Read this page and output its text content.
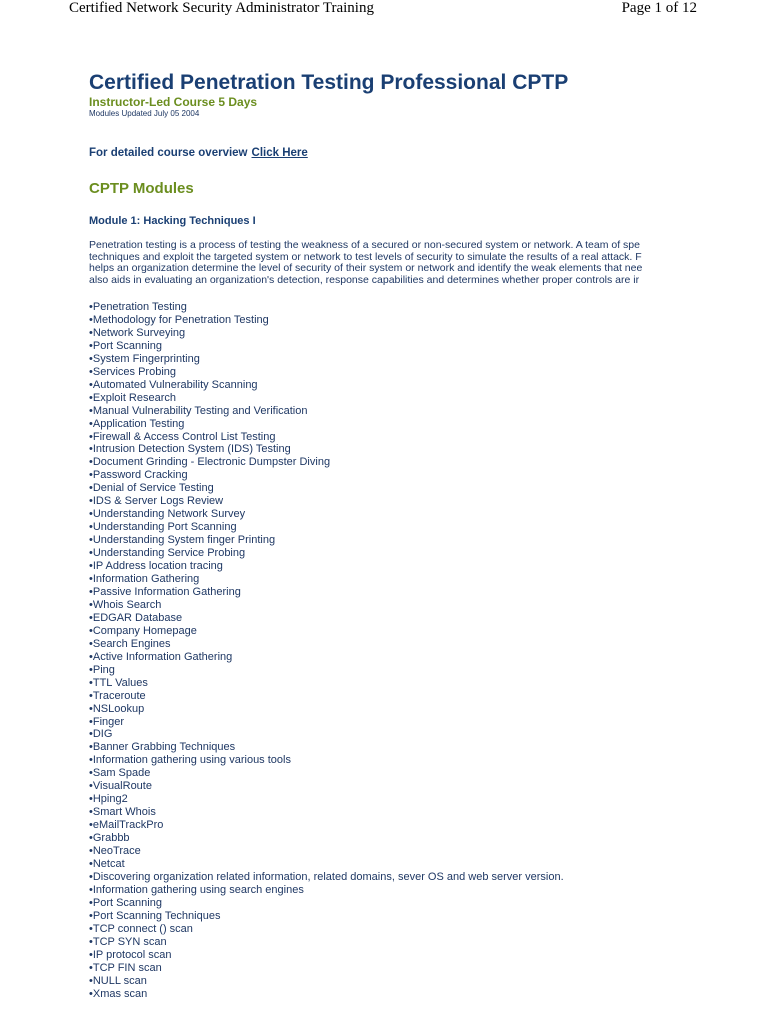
Certified Network Security Administrator Training	Page 1 of 12
Certified Penetration Testing Professional CPTP
Instructor-Led Course 5 Days
Modules Updated July 05 2004
For detailed course overview Click Here
CPTP Modules
Module 1: Hacking Techniques I
Penetration testing is a process of testing the weakness of a secured or non-secured system or network. A team of spe
techniques and exploit the targeted system or network to test levels of security to simulate the results of a real attack. F
helps an organization determine the level of security of their system or network and identify the weak elements that nee
also aids in evaluating an organization's detection, response capabilities and determines whether proper controls are ir
• Penetration Testing
• Methodology for Penetration Testing
• Network Surveying
• Port Scanning
• System Fingerprinting
• Services Probing
• Automated Vulnerability Scanning
• Exploit Research
• Manual Vulnerability Testing and Verification
• Application Testing
• Firewall & Access Control List Testing
• Intrusion Detection System (IDS) Testing
• Document Grinding - Electronic Dumpster Diving
• Password Cracking
• Denial of Service Testing
• IDS & Server Logs Review
• Understanding Network Survey
• Understanding Port Scanning
• Understanding System finger Printing
• Understanding Service Probing
• IP Address location tracing
• Information Gathering
• Passive Information Gathering
• Whois Search
• EDGAR Database
• Company Homepage
• Search Engines
• Active Information Gathering
• Ping
• TTL Values
• Traceroute
• NSLookup
• Finger
• DIG
• Banner Grabbing Techniques
• Information gathering using various tools
• Sam Spade
• VisualRoute
• Hping2
• Smart Whois
• eMailTrackPro
• Grabbb
• NeoTrace
• Netcat
• Discovering organization related information, related domains, sever OS and web server version.
• Information gathering using search engines
• Port Scanning
• Port Scanning Techniques
• TCP connect () scan
• TCP SYN scan
• IP protocol scan
• TCP FIN scan
• NULL scan
• Xmas scan
